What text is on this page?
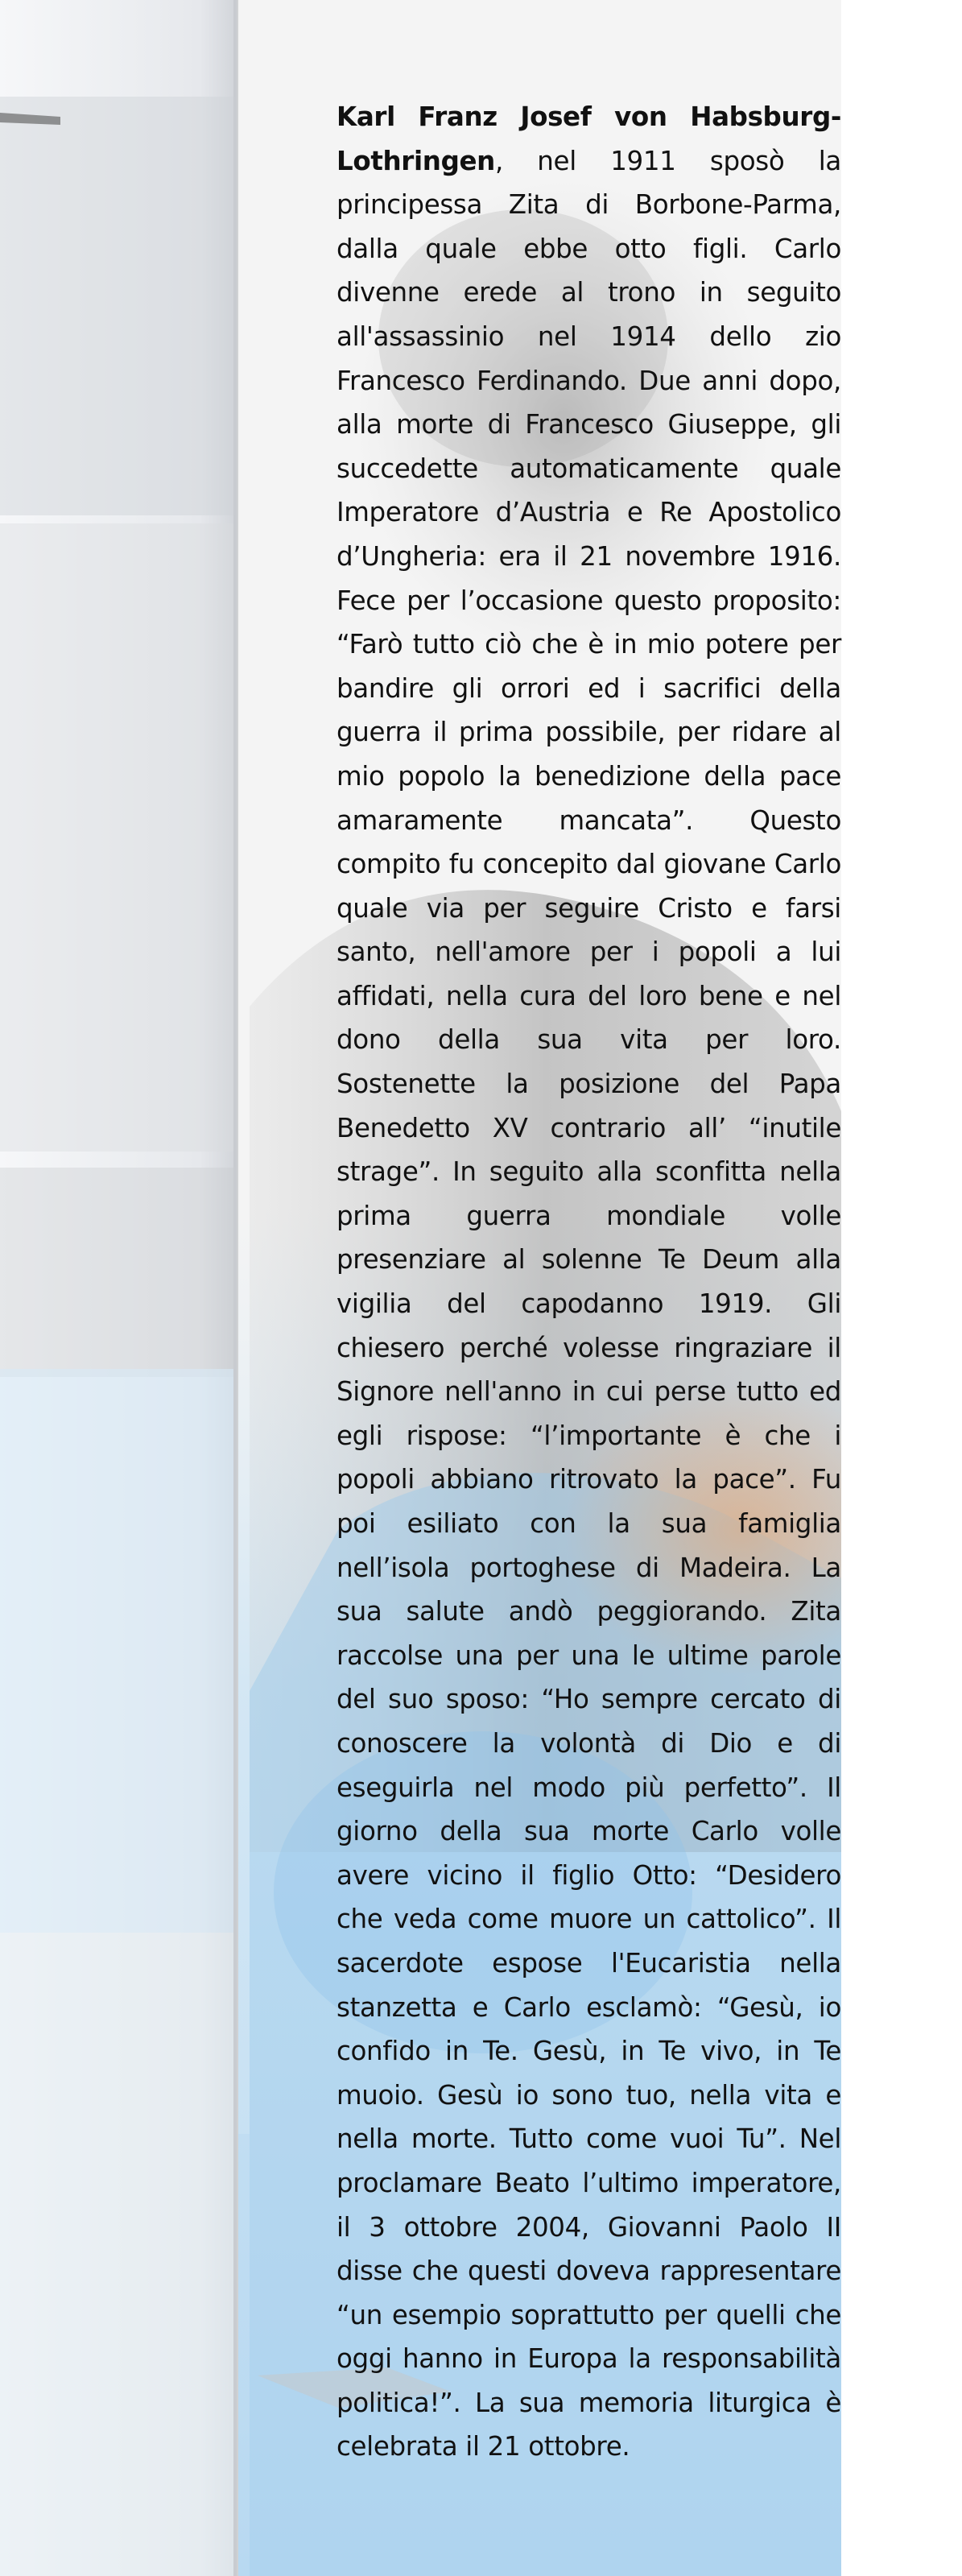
Karl Franz Josef von Habsburg-Lothringen, nel 1911 sposò la principessa Zita di Borbone-Parma, dalla quale ebbe otto figli. Carlo divenne erede al trono in seguito all'assassinio nel 1914 dello zio Francesco Ferdinando. Due anni dopo, alla morte di Francesco Giuseppe, gli succedette automaticamente quale Imperatore d’Austria e Re Apostolico d’Ungheria: era il 21 novembre 1916. Fece per l’occasione questo proposito: “Farò tutto ciò che è in mio potere per bandire gli orrori ed i sacrifici della guerra il prima possibile, per ridare al mio popolo la benedizione della pace amaramente mancata”. Questo compito fu concepito dal giovane Carlo quale via per seguire Cristo e farsi santo, nell'amore per i popoli a lui affidati, nella cura del loro bene e nel dono della sua vita per loro. Sostenette la posizione del Papa Benedetto XV contrario all’ “inutile strage”. In seguito alla sconfitta nella prima guerra mondiale volle presenziare al solenne Te Deum alla vigilia del capodanno 1919. Gli chiesero perché volesse ringraziare il Signore nell'anno in cui perse tutto ed egli rispose: “l’importante è che i popoli abbiano ritrovato la pace”. Fu poi esiliato con la sua famiglia nell’isola portoghese di Madeira. La sua salute andò peggiorando. Zita raccolse una per una le ultime parole del suo sposo: “Ho sempre cercato di conoscere la volontà di Dio e di eseguirla nel modo più perfetto”. Il giorno della sua morte Carlo volle avere vicino il figlio Otto: “Desidero che veda come muore un cattolico”. Il sacerdote espose l'Eucaristia nella stanzetta e Carlo esclamò: “Gesù, io confido in Te. Gesù, in Te vivo, in Te muoio. Gesù io sono tuo, nella vita e nella morte. Tutto come vuoi Tu”. Nel proclamare Beato l’ultimo imperatore, il 3 ottobre 2004, Giovanni Paolo II disse che questi doveva rappresentare “un esempio soprattutto per quelli che oggi hanno in Europa la responsabilità politica!”. La sua memoria liturgica è celebrata il 21 ottobre.
